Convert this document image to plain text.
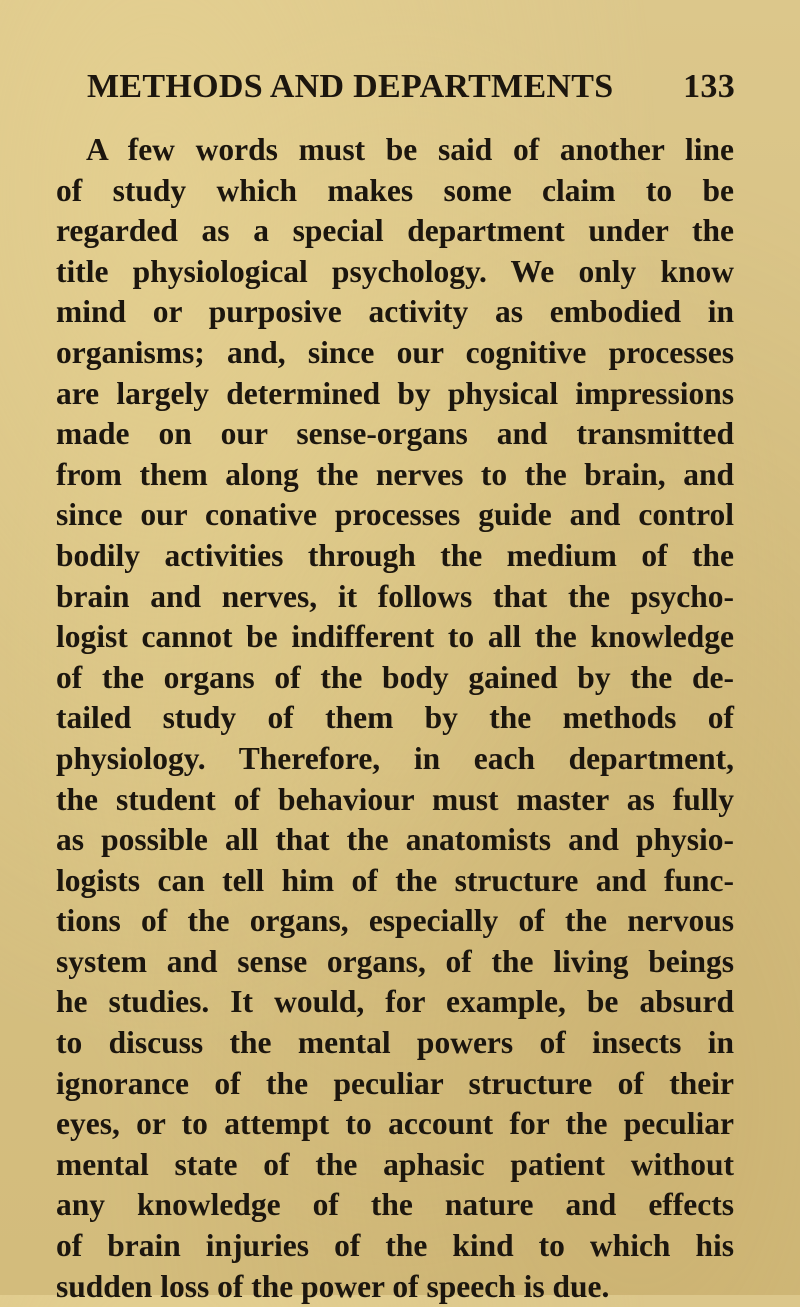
METHODS AND DEPARTMENTS 133
A few words must be said of another line
of study which makes some claim to be
regarded as a special department under the
title physiological psychology. We only know
mind or purposive activity as embodied in
organisms; and, since our cognitive processes
are largely determined by physical impressions
made on our sense-organs and transmitted
from them along the nerves to the brain, and
since our conative processes guide and control
bodily activities through the medium of the
brain and nerves, it follows that the psycho-
logist cannot be indifferent to all the knowledge
of the organs of the body gained by the de-
tailed study of them by the methods of
physiology. Therefore, in each department,
the student of behaviour must master as fully
as possible all that the anatomists and physio-
logists can tell him of the structure and func-
tions of the organs, especially of the nervous
system and sense organs, of the living beings
he studies. It would, for example, be absurd
to discuss the mental powers of insects in
ignorance of the peculiar structure of their
eyes, or to attempt to account for the peculiar
mental state of the aphasic patient without
any knowledge of the nature and effects
of brain injuries of the kind to which his
sudden loss of the power of speech is due.
